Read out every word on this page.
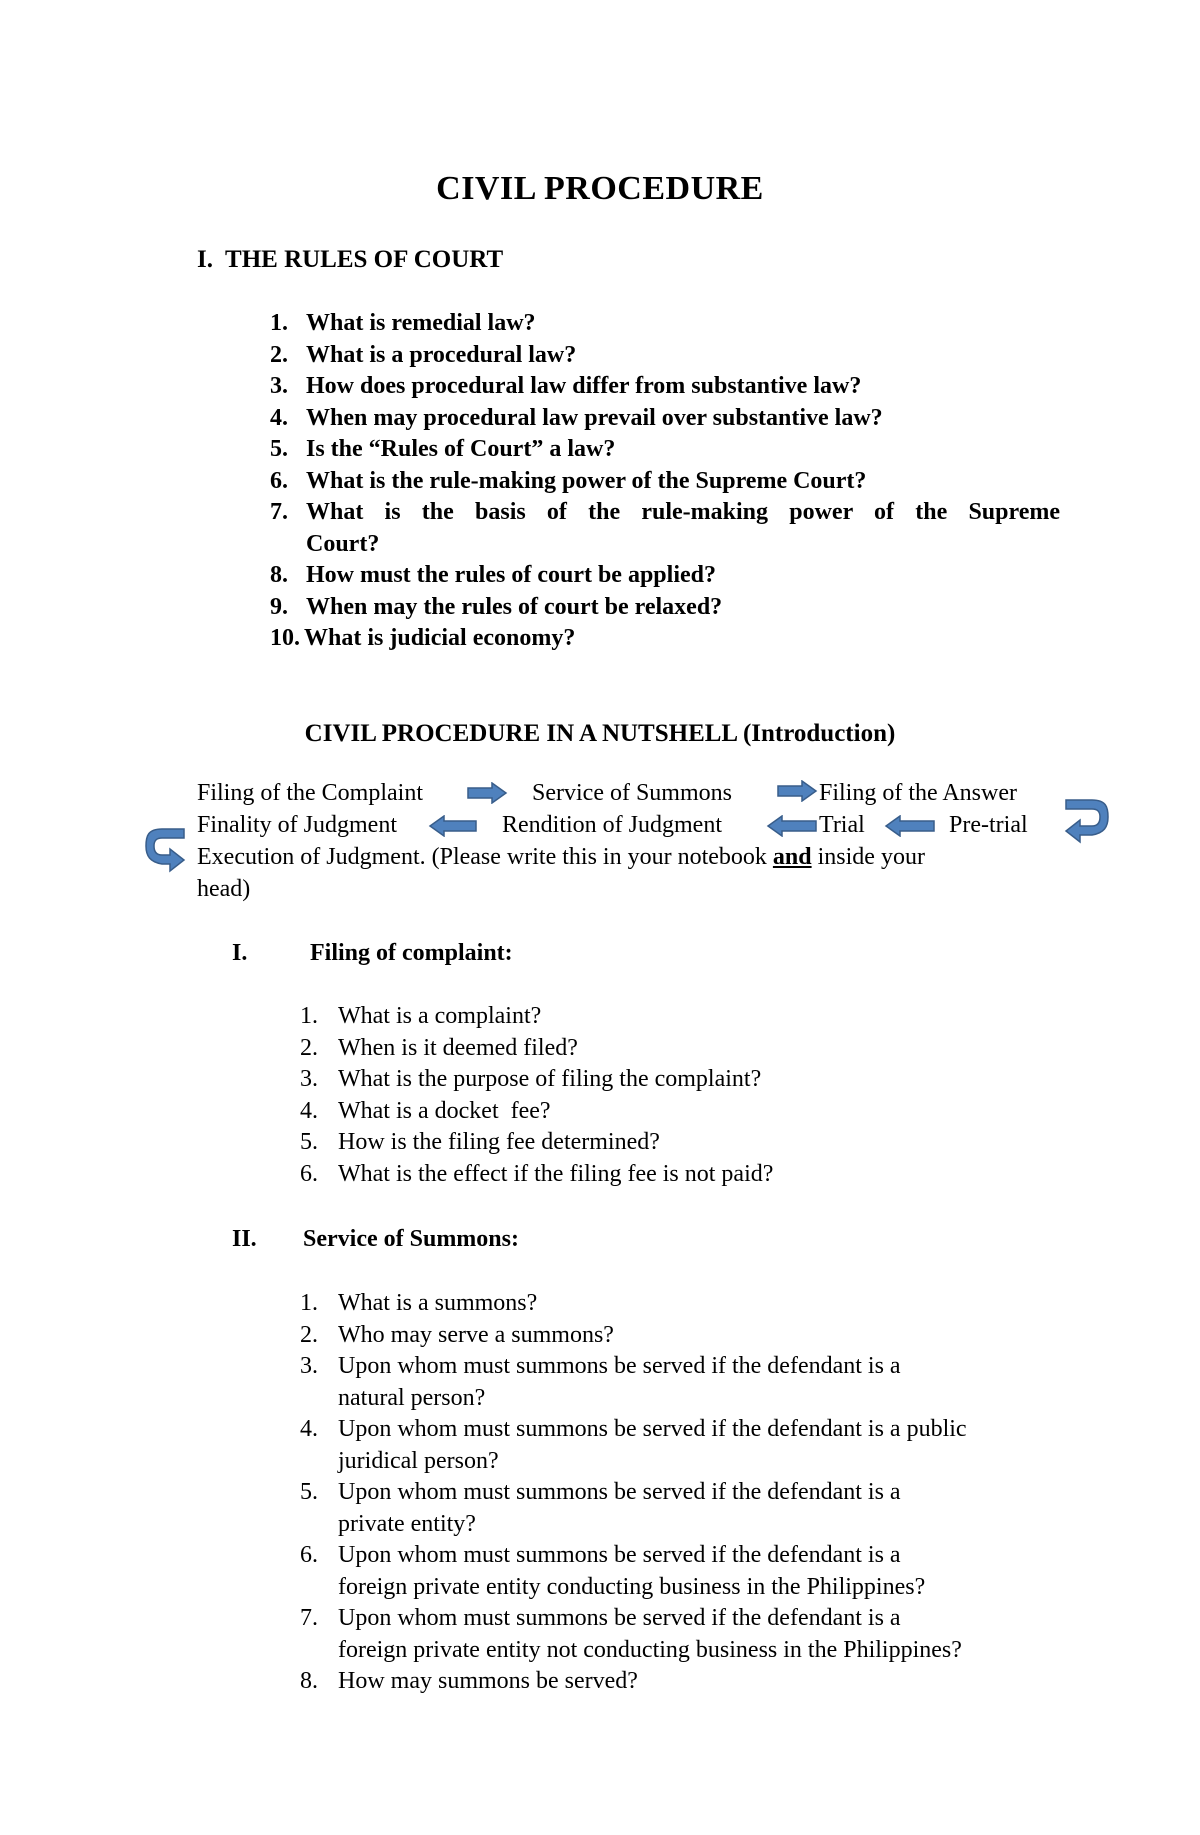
CIVIL PROCEDURE
I.  THE RULES OF COURT
1. What is remedial law?
2. What is a procedural law?
3. How does procedural law differ from substantive law?
4. When may procedural law prevail over substantive law?
5. Is the “Rules of Court” a law?
6. What is the rule-making power of the Supreme Court?
7. What is the basis of the rule-making power of the Supreme
Court?
8. How must the rules of court be applied?
9. When may the rules of court be relaxed?
10. What is judicial economy?
CIVIL PROCEDURE IN A NUTSHELL (Introduction)
Filing of the Complaint	Service of Summons	Filing of the Answer
Finality of Judgment	Rendition of Judgment	Trial	Pre-trial
Execution of Judgment. (Please write this in your notebook and inside your
head)
I.	Filing of complaint:
1. What is a complaint?
2. When is it deemed filed?
3. What is the purpose of filing the complaint?
4. What is a docket  fee?
5. How is the filing fee determined?
6. What is the effect if the filing fee is not paid?
II. Service of Summons:
1. What is a summons?
2. Who may serve a summons?
3. Upon whom must summons be served if the defendant is a
natural person?
4. Upon whom must summons be served if the defendant is a public
juridical person?
5. Upon whom must summons be served if the defendant is a
private entity?
6. Upon whom must summons be served if the defendant is a
foreign private entity conducting business in the Philippines?
7. Upon whom must summons be served if the defendant is a
foreign private entity not conducting business in the Philippines?
8. How may summons be served?
